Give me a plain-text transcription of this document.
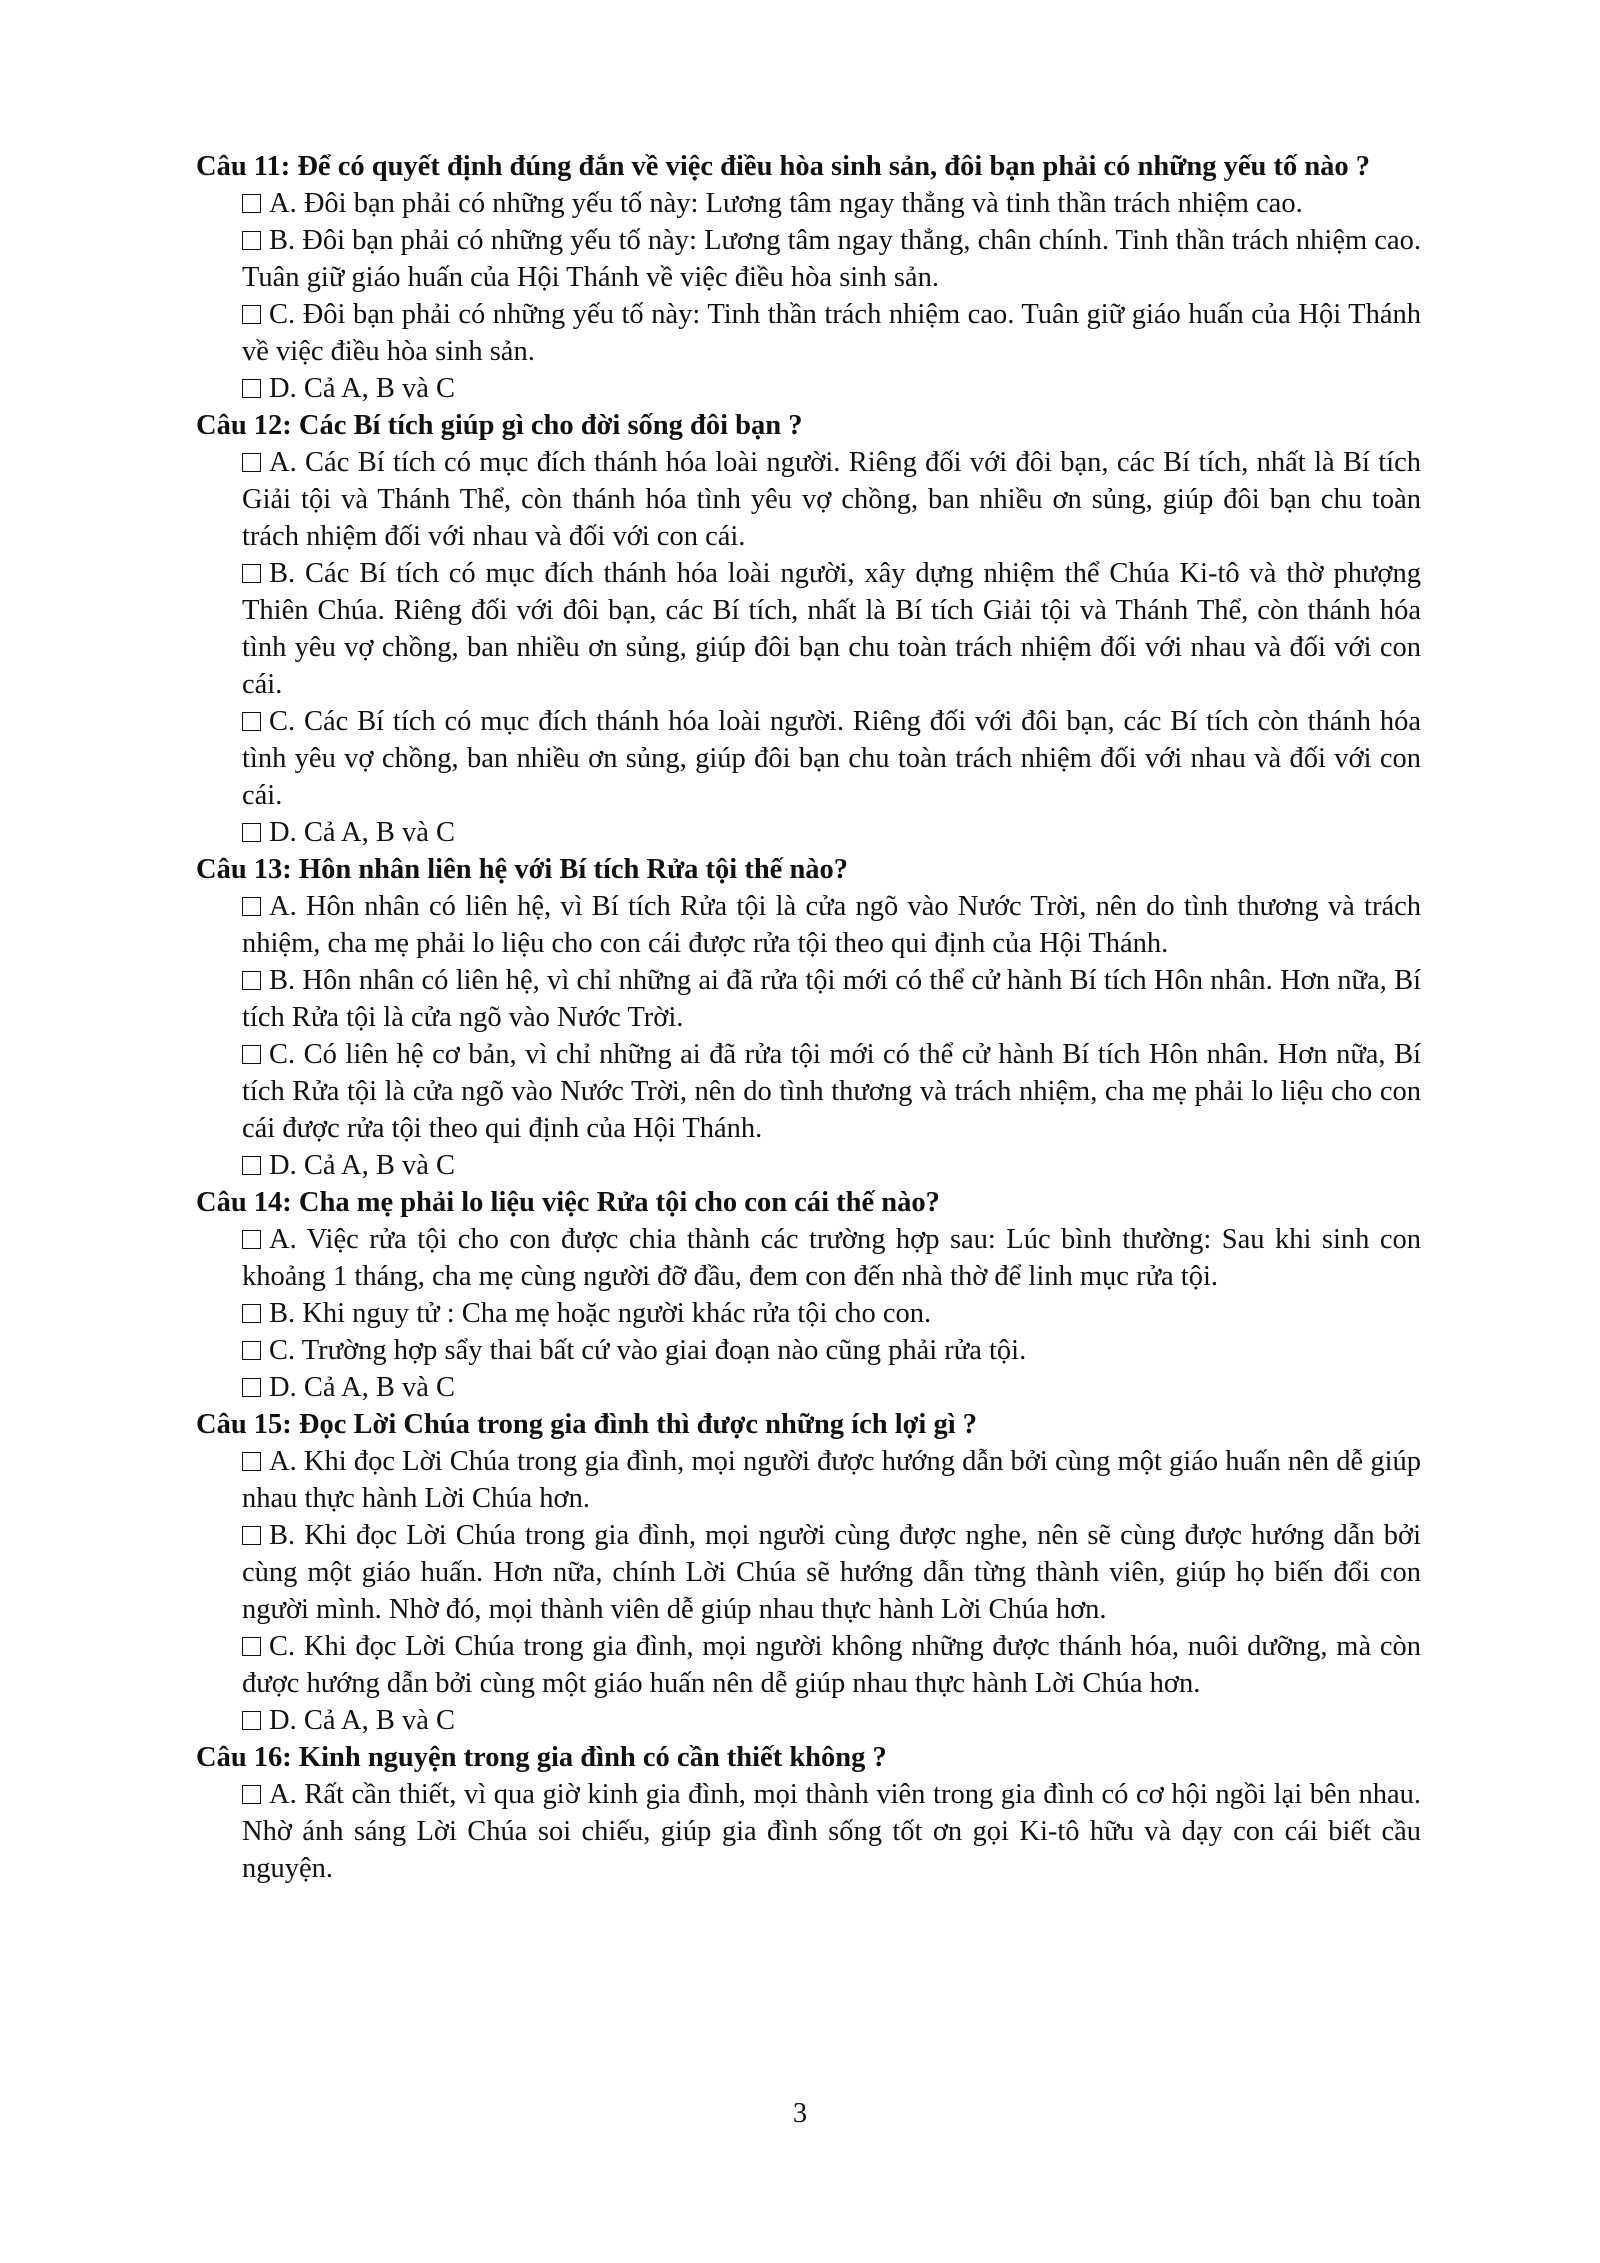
Câu 11: Để có quyết định đúng đắn về việc điều hòa sinh sản, đôi bạn phải có những yếu tố nào ?

A. Đôi bạn phải có những yếu tố này: Lương tâm ngay thẳng và tinh thần trách nhiệm cao.

B. Đôi bạn phải có những yếu tố này: Lương tâm ngay thẳng, chân chính. Tinh thần trách nhiệm cao. Tuân giữ giáo huấn của Hội Thánh về việc điều hòa sinh sản.

C. Đôi bạn phải có những yếu tố này: Tinh thần trách nhiệm cao. Tuân giữ giáo huấn của Hội Thánh về việc điều hòa sinh sản.

D. Cả A, B và C

Câu 12: Các Bí tích giúp gì cho đời sống đôi bạn ?

A. Các Bí tích có mục đích thánh hóa loài người. Riêng đối với đôi bạn, các Bí tích, nhất là Bí tích Giải tội và Thánh Thể, còn thánh hóa tình yêu vợ chồng, ban nhiều ơn sủng, giúp đôi bạn chu toàn trách nhiệm đối với nhau và đối với con cái.

B. Các Bí tích có mục đích thánh hóa loài người, xây dựng nhiệm thể Chúa Ki-tô và thờ phượng Thiên Chúa. Riêng đối với đôi bạn, các Bí tích, nhất là Bí tích Giải tội và Thánh Thể, còn thánh hóa tình yêu vợ chồng, ban nhiều ơn sủng, giúp đôi bạn chu toàn trách nhiệm đối với nhau và đối với con cái.

C. Các Bí tích có mục đích thánh hóa loài người. Riêng đối với đôi bạn, các Bí tích còn thánh hóa tình yêu vợ chồng, ban nhiều ơn sủng, giúp đôi bạn chu toàn trách nhiệm đối với nhau và đối với con cái.

D. Cả A, B và C

Câu 13: Hôn nhân liên hệ với Bí tích Rửa tội thế nào?

A. Hôn nhân có liên hệ, vì Bí tích Rửa tội là cửa ngõ vào Nước Trời, nên do tình thương và trách nhiệm, cha mẹ phải lo liệu cho con cái được rửa tội theo qui định của Hội Thánh.

B. Hôn nhân có liên hệ, vì chỉ những ai đã rửa tội mới có thể cử hành Bí tích Hôn nhân. Hơn nữa, Bí tích Rửa tội là cửa ngõ vào Nước Trời.

C. Có liên hệ cơ bản, vì chỉ những ai đã rửa tội mới có thể cử hành Bí tích Hôn nhân. Hơn nữa, Bí tích Rửa tội là cửa ngõ vào Nước Trời, nên do tình thương và trách nhiệm, cha mẹ phải lo liệu cho con cái được rửa tội theo qui định của Hội Thánh.

D. Cả A, B và C

Câu 14: Cha mẹ phải lo liệu việc Rửa tội cho con cái thế nào?

A. Việc rửa tội cho con được chia thành các trường hợp sau: Lúc bình thường: Sau khi sinh con khoảng 1 tháng, cha mẹ cùng người đỡ đầu, đem con đến nhà thờ để linh mục rửa tội.

B. Khi nguy tử : Cha mẹ hoặc người khác rửa tội cho con.

C. Trường hợp sẩy thai bất cứ vào giai đoạn nào cũng phải rửa tội.

D. Cả A, B và C

Câu 15: Đọc Lời Chúa trong gia đình thì được những ích lợi gì ?

A. Khi đọc Lời Chúa trong gia đình, mọi người được hướng dẫn bởi cùng một giáo huấn nên dễ giúp nhau thực hành Lời Chúa hơn.

B. Khi đọc Lời Chúa trong gia đình, mọi người cùng được nghe, nên sẽ cùng được hướng dẫn bởi cùng một giáo huấn. Hơn nữa, chính Lời Chúa sẽ hướng dẫn từng thành viên, giúp họ biến đổi con người mình. Nhờ đó, mọi thành viên dễ giúp nhau thực hành Lời Chúa hơn.

C. Khi đọc Lời Chúa trong gia đình, mọi người không những được thánh hóa, nuôi dưỡng, mà còn được hướng dẫn bởi cùng một giáo huấn nên dễ giúp nhau thực hành Lời Chúa hơn.

D. Cả A, B và C

Câu 16: Kinh nguyện trong gia đình có cần thiết không ?

A. Rất cần thiết, vì qua giờ kinh gia đình, mọi thành viên trong gia đình có cơ hội ngồi lại bên nhau. Nhờ ánh sáng Lời Chúa soi chiếu, giúp gia đình sống tốt ơn gọi Ki-tô hữu và dạy con cái biết cầu nguyện.

3
